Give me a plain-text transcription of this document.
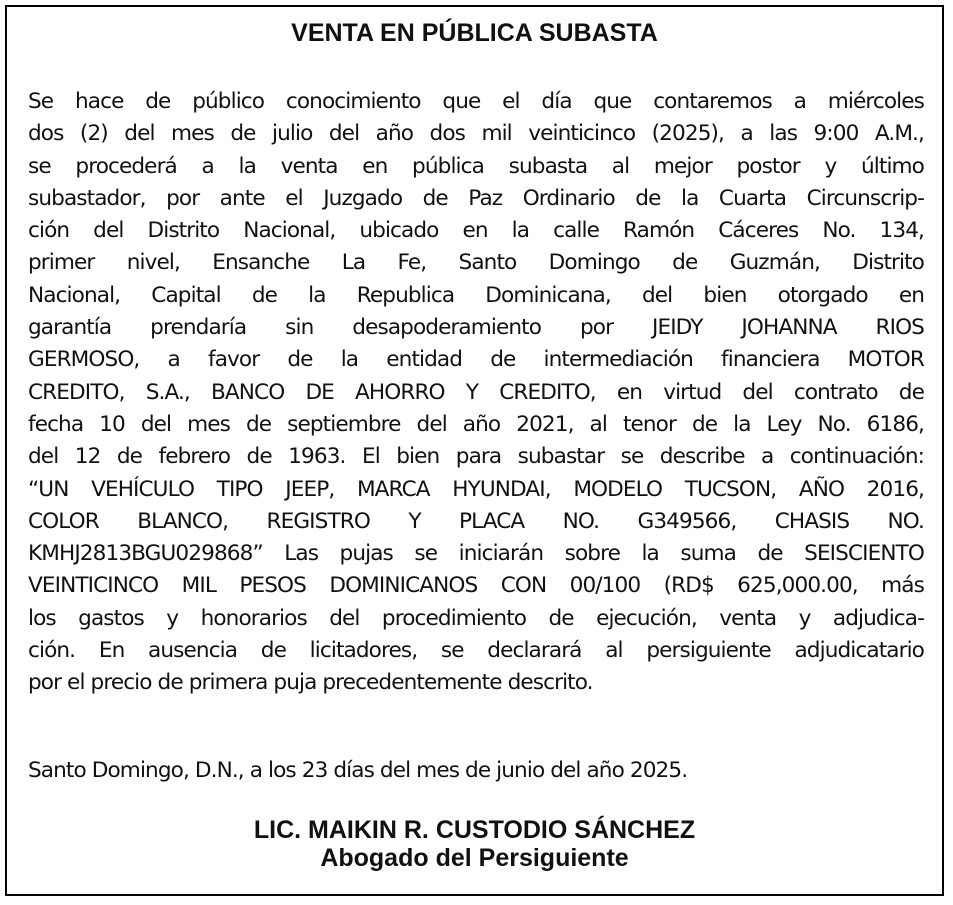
VENTA EN PÚBLICA SUBASTA
Se hace de público conocimiento que el día que contaremos a miércoles
dos (2) del mes de julio del año dos mil veinticinco (2025), a las 9:00 A.M.,
se procederá a la venta en pública subasta al mejor postor y último
subastador, por ante el Juzgado de Paz Ordinario de la Cuarta Circunscrip-
ción del Distrito Nacional, ubicado en la calle Ramón Cáceres No. 134,
primer nivel, Ensanche La Fe, Santo Domingo de Guzmán, Distrito
Nacional, Capital de la Republica Dominicana, del bien otorgado en
garantía prendaría sin desapoderamiento por JEIDY JOHANNA RIOS
GERMOSO, a favor de la entidad de intermediación financiera MOTOR
CREDITO, S.A., BANCO DE AHORRO Y CREDITO, en virtud del contrato de
fecha 10 del mes de septiembre del año 2021, al tenor de la Ley No. 6186,
del 12 de febrero de 1963. El bien para subastar se describe a continuación:
“UN VEHÍCULO TIPO JEEP, MARCA HYUNDAI, MODELO TUCSON, AÑO 2016,
COLOR BLANCO, REGISTRO Y PLACA NO. G349566, CHASIS NO.
KMHJ2813BGU029868” Las pujas se iniciarán sobre la suma de SEISCIENTO
VEINTICINCO MIL PESOS DOMINICANOS CON 00/100 (RD$ 625,000.00, más
los gastos y honorarios del procedimiento de ejecución, venta y adjudica-
ción. En ausencia de licitadores, se declarará al persiguiente adjudicatario
por el precio de primera puja precedentemente descrito.
Santo Domingo, D.N., a los 23 días del mes de junio del año 2025.
LIC. MAIKIN R. CUSTODIO SÁNCHEZ
Abogado del Persiguiente
